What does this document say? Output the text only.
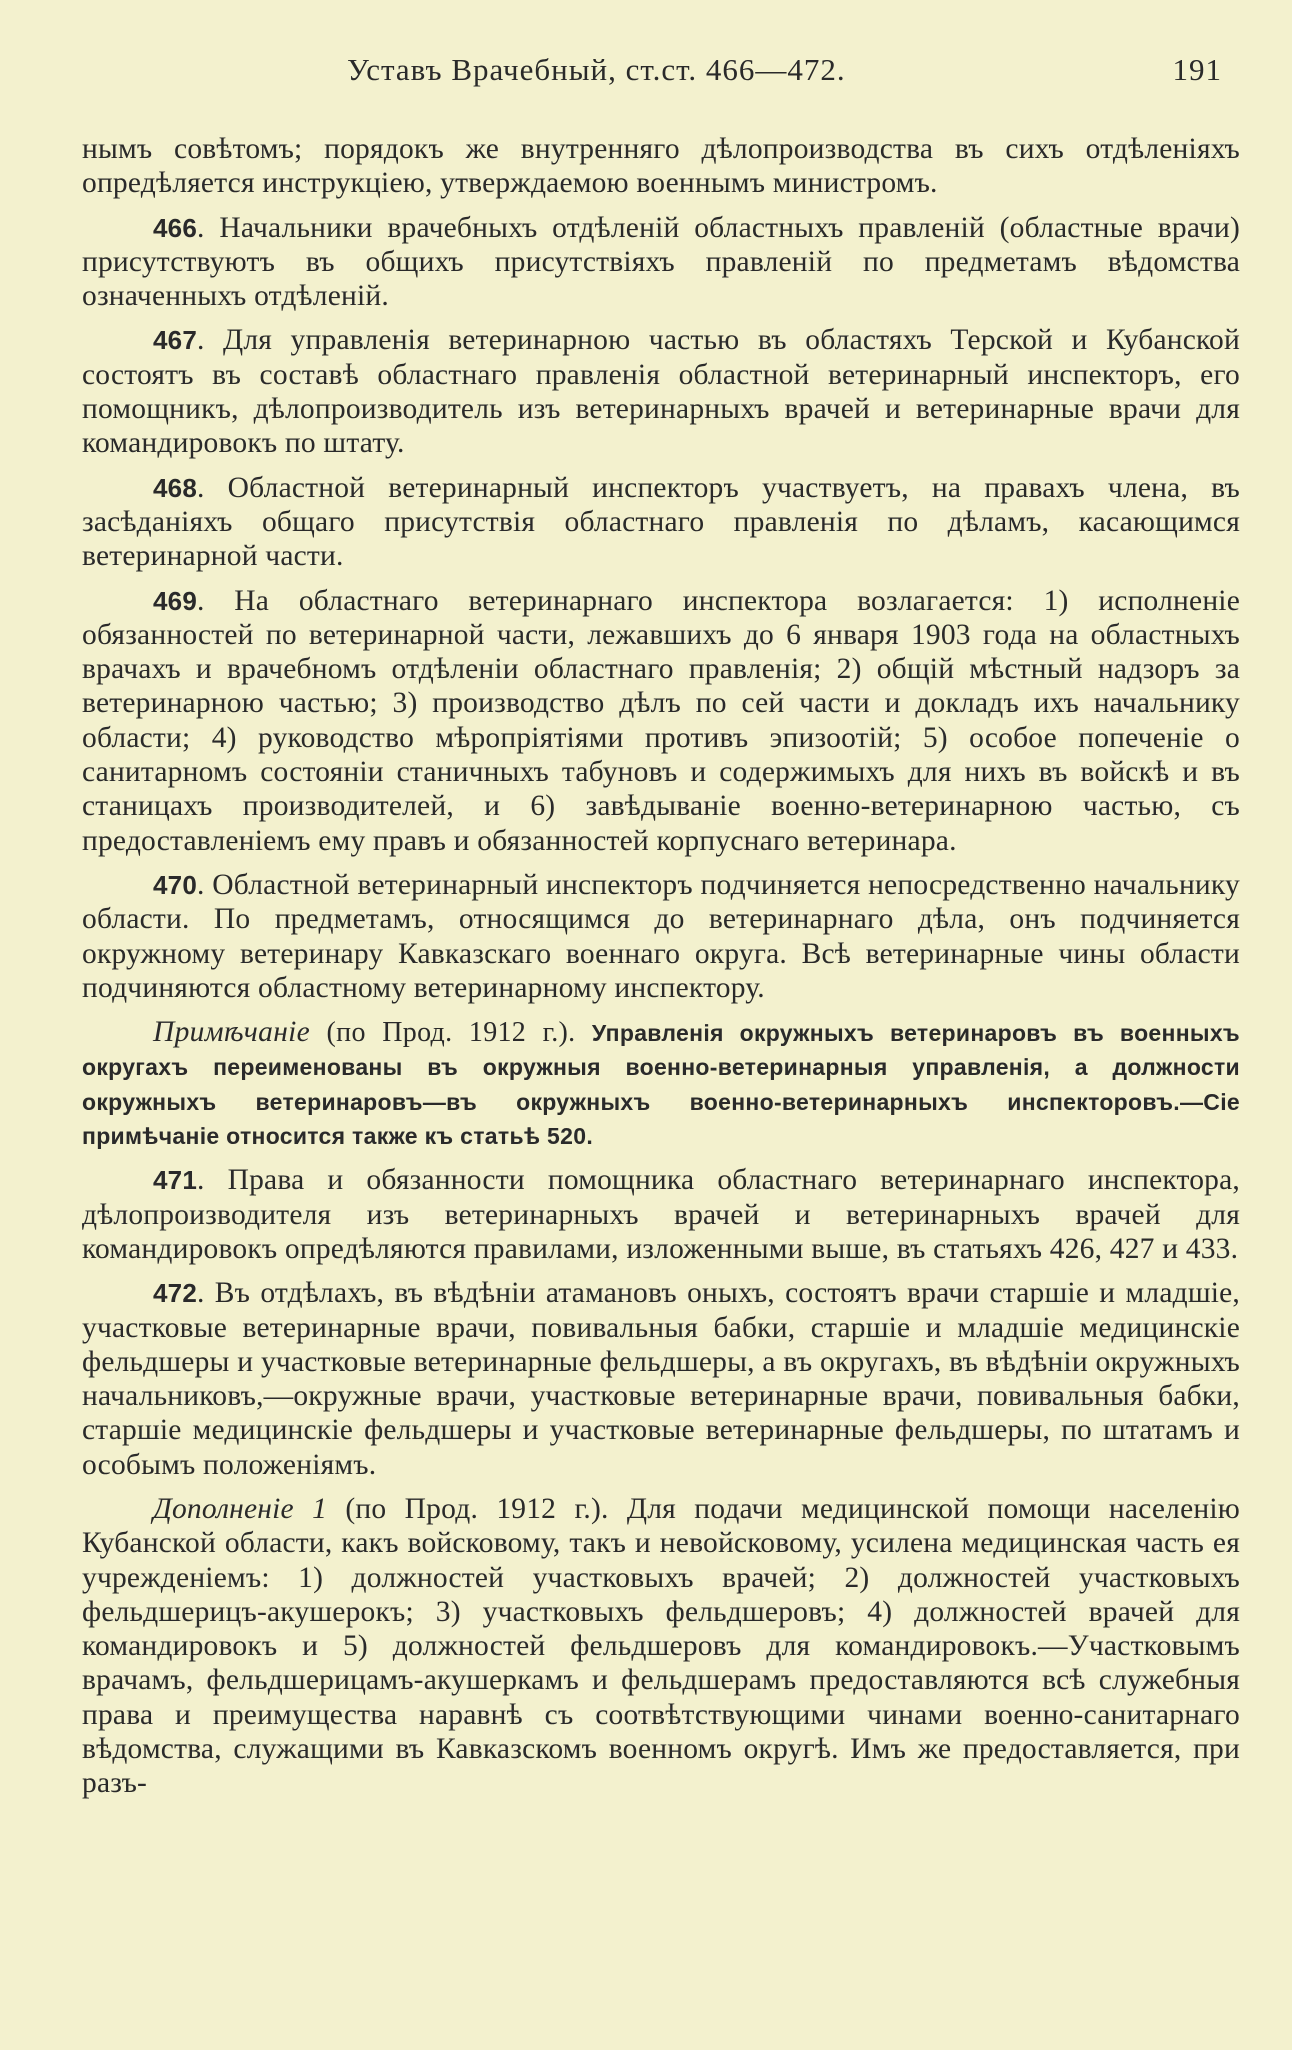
Уставъ Врачебный, ст.ст. 466—472.	191

нымъ совѣтомъ; порядокъ же внутренняго дѣлопроизводства въ сихъ отдѣленіяхъ опредѣляется инструкціею, утверждаемою военнымъ министромъ.

466. Начальники врачебныхъ отдѣленій областныхъ правленій (областные врачи) присутствуютъ въ общихъ присутствіяхъ правленій по предметамъ вѣдомства означенныхъ отдѣленій.

467. Для управленія ветеринарною частью въ областяхъ Терской и Кубанской состоятъ въ составѣ областнаго правленія областной ветеринарный инспекторъ, его помощникъ, дѣлопроизводитель изъ ветеринарныхъ врачей и ветеринарные врачи для командировокъ по штату.

468. Областной ветеринарный инспекторъ участвуетъ, на правахъ члена, въ засѣданіяхъ общаго присутствія областнаго правленія по дѣламъ, касающимся ветеринарной части.

469. На областнаго ветеринарнаго инспектора возлагается: 1) исполненіе обязанностей по ветеринарной части, лежавшихъ до 6 января 1903 года на областныхъ врачахъ и врачебномъ отдѣленіи областнаго правленія; 2) общій мѣстный надзоръ за ветеринарною частью; 3) производство дѣлъ по сей части и докладъ ихъ начальнику области; 4) руководство мѣропріятіями противъ эпизоотій; 5) особое попеченіе о санитарномъ состояніи станичныхъ табуновъ и содержимыхъ для нихъ въ войскѣ и въ станицахъ производителей, и 6) завѣдываніе военно-ветеринарною частью, съ предоставленіемъ ему правъ и обязанностей корпуснаго ветеринара.

470. Областной ветеринарный инспекторъ подчиняется непосредственно начальнику области. По предметамъ, относящимся до ветеринарнаго дѣла, онъ подчиняется окружному ветеринару Кавказскаго военнаго округа. Всѣ ветеринарные чины области подчиняются областному ветеринарному инспектору.

Примѣчаніе (по Прод. 1912 г.). Управленія окружныхъ ветеринаровъ въ военныхъ округахъ переименованы въ окружныя военно-ветеринарныя управленія, а должности окружныхъ ветеринаровъ—въ окружныхъ военно-ветеринарныхъ инспекторовъ.—Сіе примѣчаніе относится также къ статьѣ 520.

471. Права и обязанности помощника областнаго ветеринарнаго инспектора, дѣлопроизводителя изъ ветеринарныхъ врачей и ветеринарныхъ врачей для командировокъ опредѣляются правилами, изложенными выше, въ статьяхъ 426, 427 и 433.

472. Въ отдѣлахъ, въ вѣдѣніи атамановъ оныхъ, состоятъ врачи старшіе и младшіе, участковые ветеринарные врачи, повивальныя бабки, старшіе и младшіе медицинскіе фельдшеры и участковые ветеринарные фельдшеры, а въ округахъ, въ вѣдѣніи окружныхъ начальниковъ,—окружные врачи, участковые ветеринарные врачи, повивальныя бабки, старшіе медицинскіе фельдшеры и участковые ветеринарные фельдшеры, по штатамъ и особымъ положеніямъ.

Дополненіе 1 (по Прод. 1912 г.). Для подачи медицинской помощи населенію Кубанской области, какъ войсковому, такъ и невойсковому, усилена медицинская часть ея учрежденіемъ: 1) должностей участковыхъ врачей; 2) должностей участковыхъ фельдшерицъ-акушерокъ; 3) участковыхъ фельдшеровъ; 4) должностей врачей для командировокъ и 5) должностей фельдшеровъ для командировокъ.—Участковымъ врачамъ, фельдшерицамъ-акушеркамъ и фельдшерамъ предоставляются всѣ служебныя права и преимущества наравнѣ съ соотвѣтствующими чинами военно-санитарнаго вѣдомства, служащими въ Кавказскомъ военномъ округѣ. Имъ же предоставляется, при разъ-
